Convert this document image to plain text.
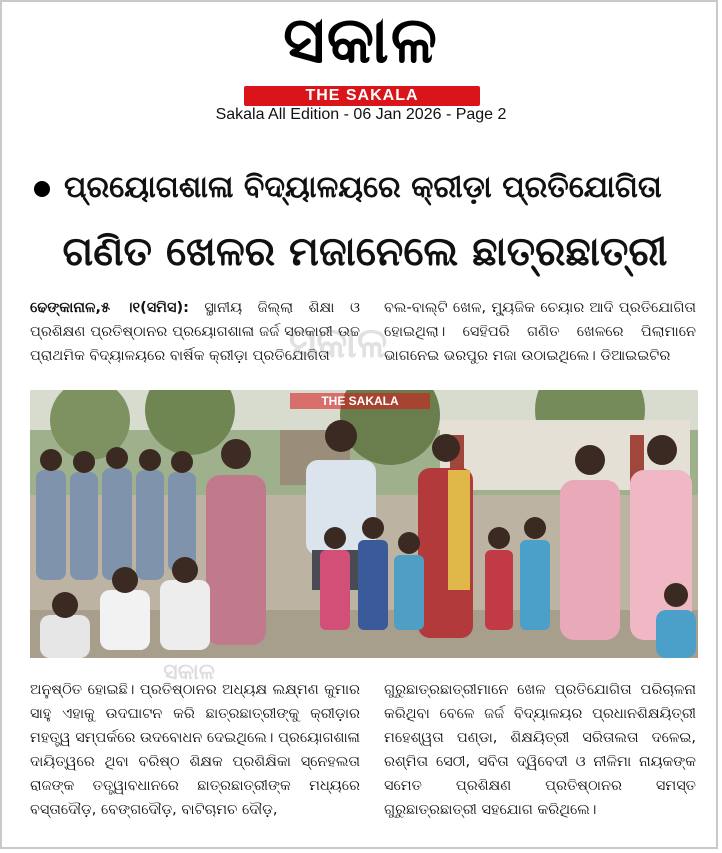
ସକାଳ
THE SAKALA
Sakala All Edition - 06 Jan 2026 - Page 2
ପ୍ରୟୋଗଶାଳା ବିଦ୍ୟାଳୟରେ କ୍ରୀଡ଼ା ପ୍ରତିଯୋଗିତା
ଗଣିତ ଖେଳର ମଜାନେଲେ ଛାତ୍ରଛାତ୍ରୀ
ଢେଙ୍କାନାଳ,୫ ।୧(ସମିସ): ସ୍ଥାନୀୟ ଜିଲ୍ଲା ଶିକ୍ଷା ଓ ପ୍ରଶିକ୍ଷଣ ପ୍ରତିଷ୍ଠାନର ପ୍ରୟୋଗଶାଳା ଜର୍ଜ ସରକାରୀ ଉଚ୍ଚ ପ୍ରାଥମିକ ବିଦ୍ୟାଳୟରେ ବାର୍ଷିକ କ୍ରୀଡ଼ା ପ୍ରତିଯୋଗିତା
ବଲ-ବାଲ୍ଟି ଖେଳ, ମ୍ୟୁଜିକ ଚେୟାର ଆଦି ପ୍ରତିଯୋଗିତା ହୋଇଥିଲା। ସେହିପରି ଗଣିତ ଖେଳରେ ପିଲାମାନେ ଭାଗନେଇ ଭରପୁର ମଜା ଉଠାଇଥିଲେ। ଡିଆଇଇଟିର
ସକାଳ
THE SAKALA
ସକାଳ
ଅନୁଷ୍ଠିତ ହୋଇଛି। ପ୍ରତିଷ୍ଠାନର ଅଧ୍ୟକ୍ଷ ଲକ୍ଷ୍ମଣ କୁମାର ସାହୁ ଏହାକୁ ଉଦଘାଟନ କରି ଛାତ୍ରଛାତ୍ରୀଙ୍କୁ କ୍ରୀଡ଼ାର ମହତ୍ତ୍ୱ ସମ୍ପର୍କରେ ଉଦବୋଧନ ଦେଇଥିଲେ। ପ୍ରୟୋଗଶାଳା ଦାୟିତ୍ୱରେ ଥିବା ବରିଷ୍ଠ ଶିକ୍ଷକ ପ୍ରଶିକ୍ଷିକା ସ୍ନେହଲତା ରାଜଙ୍କ ତତ୍ତ୍ୱାବଧାନରେ ଛାତ୍ରଛାତ୍ରୀଙ୍କ ମଧ୍ୟରେ ବସ୍ତାଦୌଡ଼, ବେଙ୍ଗଦୌଡ଼, ବାଟିଚାମଚ ଦୌଡ଼,
ଗୁରୁଛାତ୍ରଛାତ୍ରୀମାନେ ଖେଳ ପ୍ରତିଯୋଗିତା ପରିଚାଳନା କରିଥିବା ବେଳେ ଜର୍ଜ ବିଦ୍ୟାଳୟର ପ୍ରଧାନଶିକ୍ଷୟିତ୍ରୀ ମହେଶ୍ୱତା ପଣ୍ଡା, ଶିକ୍ଷୟିତ୍ରୀ ସରିତାଲତା ଦଳେଇ, ରଶ୍ମିତା ସେଠୀ, ସବିତା ଦ୍ୱିବେଦୀ ଓ ନୀଳିମା ନାୟକଙ୍କ ସମେତ ପ୍ରଶିକ୍ଷଣ ପ୍ରତିଷ୍ଠାନର ସମସ୍ତ ଗୁରୁଛାତ୍ରଛାତ୍ରୀ ସହଯୋଗ କରିଥିଲେ।
